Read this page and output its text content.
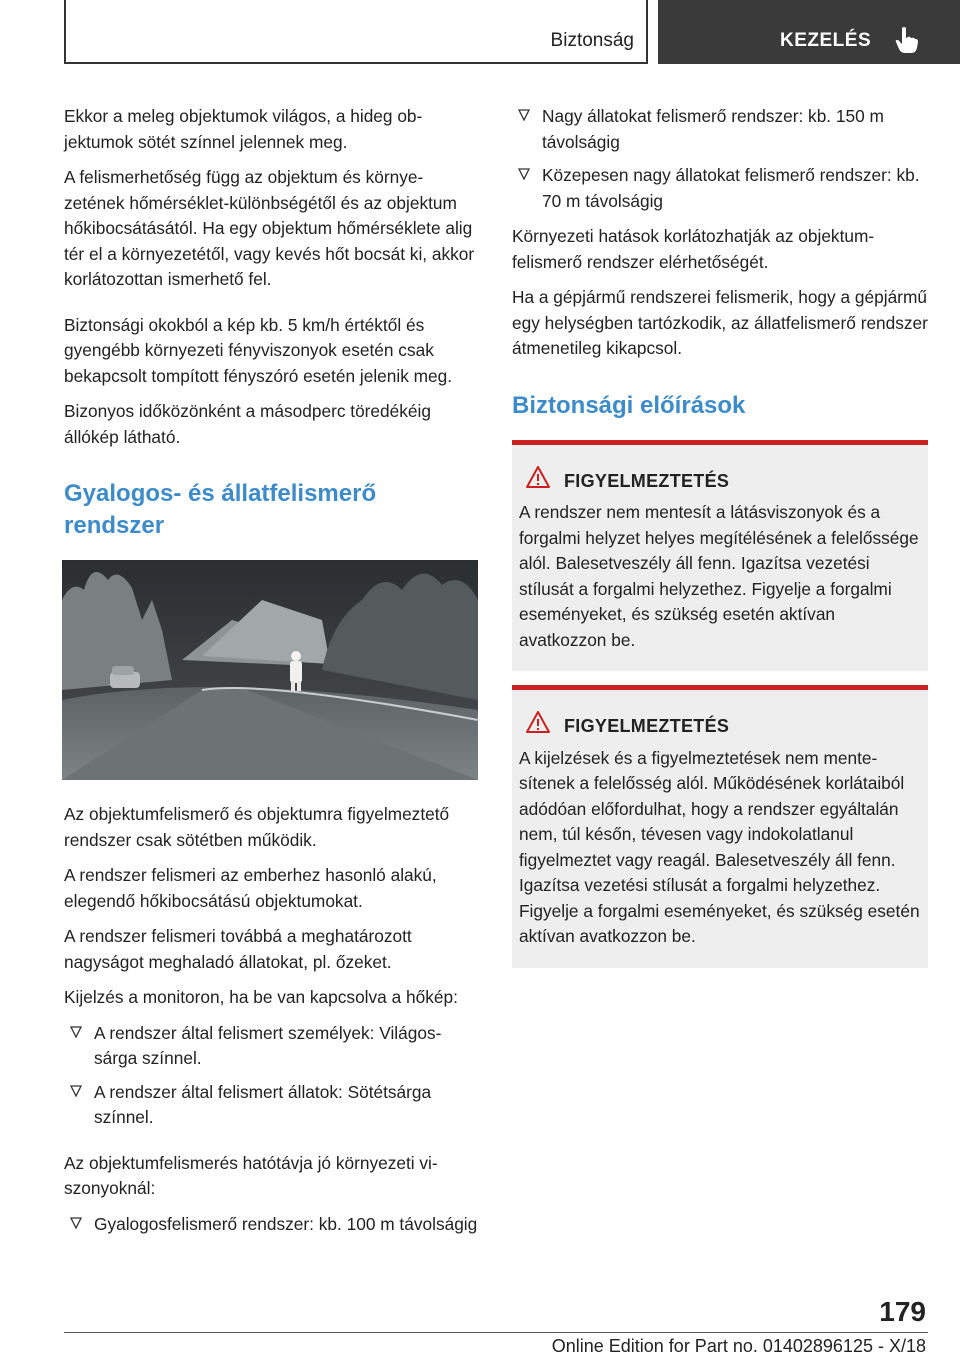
Biztonság	KEZELÉS

Ekkor a meleg objektumok világos, a hideg objektumok sötét színnel jelennek meg.

A felismerhetőség függ az objektum és környezetének hőmérséklet-különbségétől és az objektum hőkibocsátásától. Ha egy objektum hőmérséklete alig tér el a környezetétől, vagy kevés hőt bocsát ki, akkor korlátozottan ismerhető fel.

Biztonsági okokból a kép kb. 5 km/h értéktől és gyengébb környezeti fényviszonyok esetén csak bekapcsolt tompított fényszóró esetén jelenik meg.

Bizonyos időközönként a másodperc töredékéig állókép látható.

Gyalogos- és állatfelismerő rendszer

Az objektumfelismerő és objektumra figyelmeztető rendszer csak sötétben működik.

A rendszer felismeri az emberhez hasonló alakú, elegendő hőkibocsátású objektumokat.

A rendszer felismeri továbbá a meghatározott nagyságot meghaladó állatokat, pl. őzeket.

Kijelzés a monitoron, ha be van kapcsolva a hőkép:

A rendszer által felismert személyek: Világossárga színnel.
A rendszer által felismert állatok: Sötétsárga színnel.

Az objektumfelismerés hatótávja jó környezeti viszonyoknál:

Gyalogosfelismerő rendszer: kb. 100 m távolságig
Nagy állatokat felismerő rendszer: kb. 150 m távolságig
Közepesen nagy állatokat felismerő rendszer: kb. 70 m távolságig

Környezeti hatások korlátozhatják az objektumfelismerő rendszer elérhetőségét.

Ha a gépjármű rendszerei felismerik, hogy a gépjármű egy helységben tartózkodik, az állatfelismerő rendszer átmenetileg kikapcsol.

Biztonsági előírások
FIGYELMEZTETÉS

A rendszer nem mentesít a látásviszonyok és a forgalmi helyzet helyes megítélésének a felelőssége alól. Balesetveszély áll fenn. Igazítsa vezetési stílusát a forgalmi helyzethez. Figyelje a forgalmi eseményeket, és szükség esetén aktívan avatkozzon be.

FIGYELMEZTETÉS

A kijelzések és a figyelmeztetések nem mentesítenek a felelősség alól. Működésének korlátaiból adódóan előfordulhat, hogy a rendszer egyáltalán nem, túl későn, tévesen vagy indokolatlanul figyelmeztet vagy reagál. Balesetveszély áll fenn. Igazítsa vezetési stílusát a forgalmi helyzethez. Figyelje a forgalmi eseményeket, és szükség esetén aktívan avatkozzon be.

179
Online Edition for Part no. 01402896125 - X/18
